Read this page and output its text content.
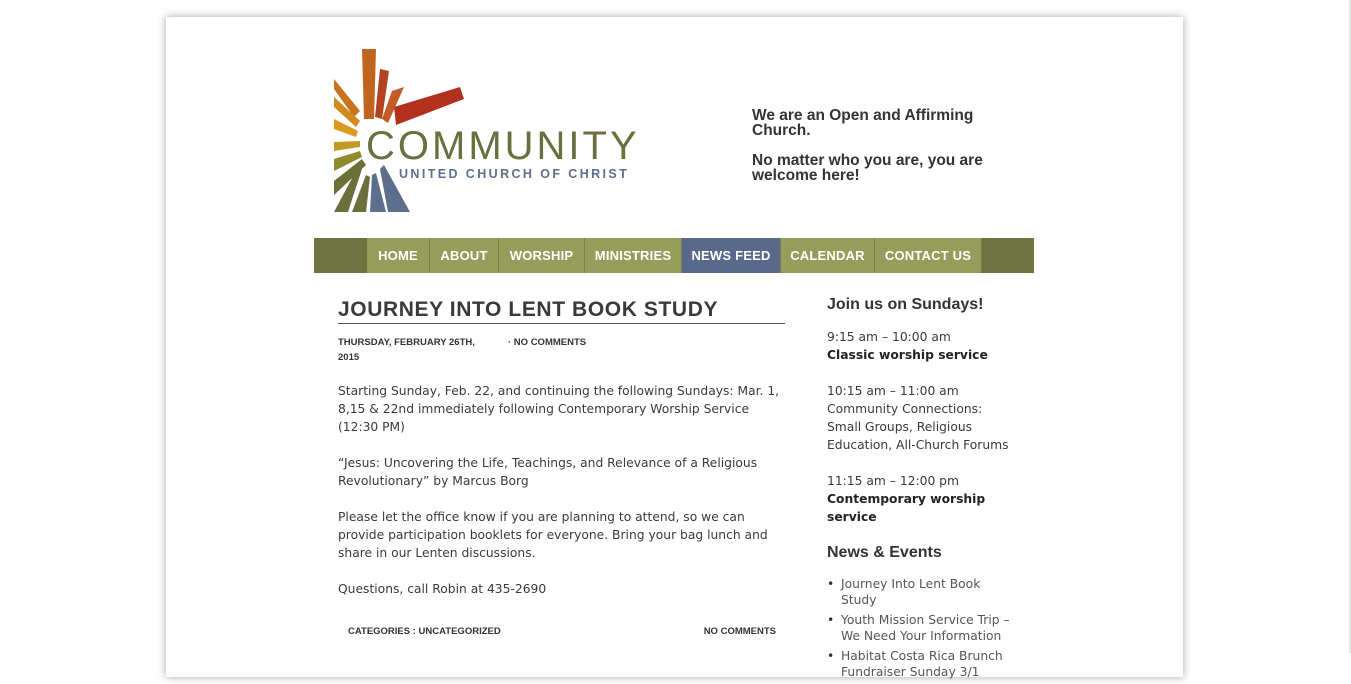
COMMUNITY
UNITED CHURCH OF CHRIST

We are an Open and Affirming Church.

No matter who you are, you are welcome here!

HOME	ABOUT	WORSHIP	MINISTRIES	NEWS FEED	CALENDAR	CONTACT US
JOURNEY INTO LENT BOOK STUDY
THURSDAY, FEBRUARY 26TH, 2015
· NO COMMENTS

Starting Sunday, Feb. 22, and continuing the following Sundays: Mar. 1, 8,15 & 22nd immediately following Contemporary Worship Service (12:30 PM)

“Jesus: Uncovering the Life, Teachings, and Relevance of a Religious Revolutionary” by Marcus Borg

Please let the office know if you are planning to attend, so we can provide participation booklets for everyone. Bring your bag lunch and share in our Lenten discussions.

Questions, call Robin at 435-2690

CATEGORIES : UNCATEGORIZED	NO COMMENTS
Join us on Sundays!
9:15 am – 10:00 am
Classic worship service
10:15 am – 11:00 am
Community Connections: Small Groups, Religious Education, All-Church Forums
11:15 am – 12:00 pm
Contemporary worship service
News & Events
• Journey Into Lent Book Study
• Youth Mission Service Trip – We Need Your Information
• Habitat Costa Rica Brunch Fundraiser Sunday 3/1
